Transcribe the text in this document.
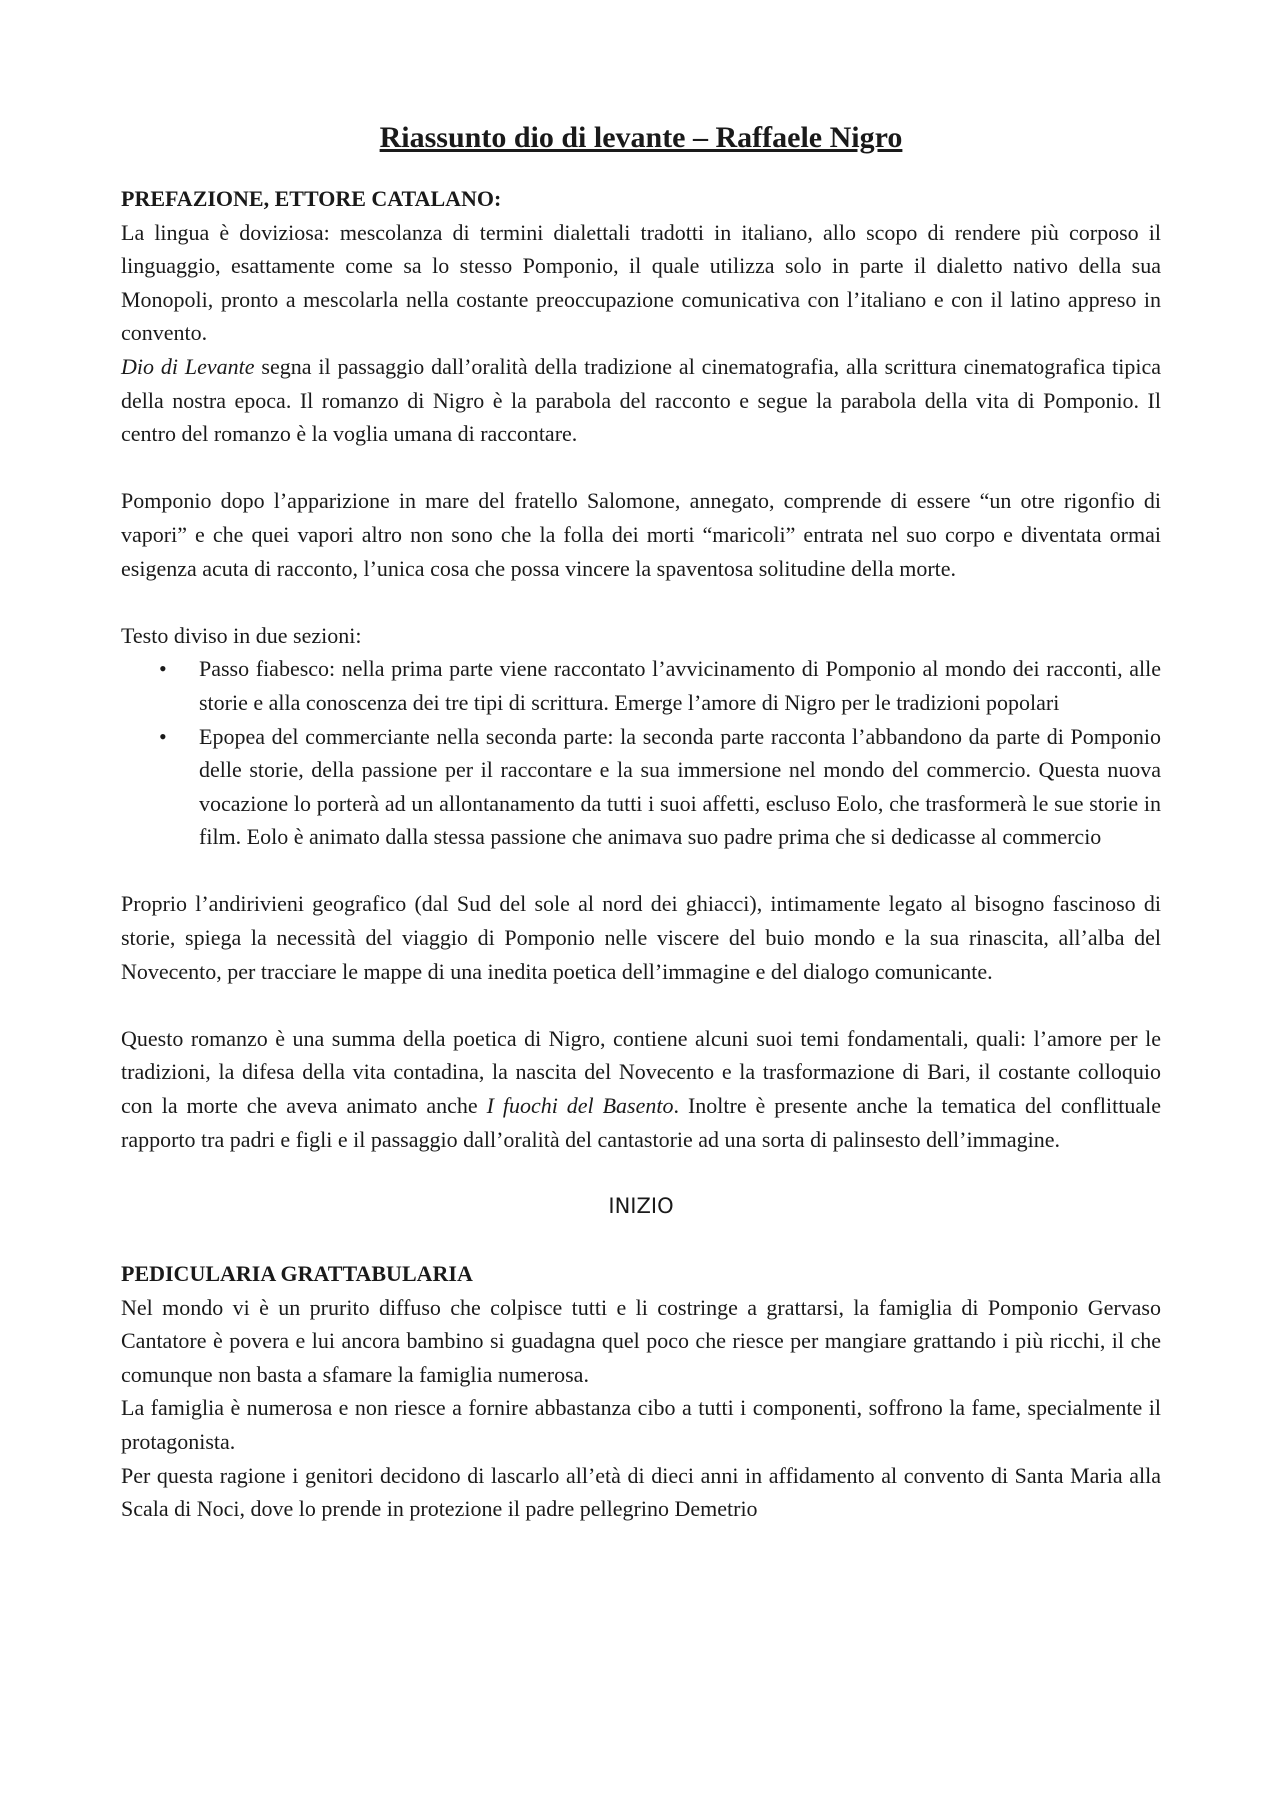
Riassunto dio di levante – Raffaele Nigro
PREFAZIONE, ETTORE CATALANO:

La lingua è doviziosa: mescolanza di termini dialettali tradotti in italiano, allo scopo di rendere più corposo il linguaggio, esattamente come sa lo stesso Pomponio, il quale utilizza solo in parte il dialetto nativo della sua Monopoli, pronto a mescolarla nella costante preoccupazione comunicativa con l’italiano e con il latino appreso in convento.

Dio di Levante segna il passaggio dall’oralità della tradizione al cinematografia, alla scrittura cinematografica tipica della nostra epoca. Il romanzo di Nigro è la parabola del racconto e segue la parabola della vita di Pomponio. Il centro del romanzo è la voglia umana di raccontare.

Pomponio dopo l’apparizione in mare del fratello Salomone, annegato, comprende di essere “un otre rigonfio di vapori” e che quei vapori altro non sono che la folla dei morti “maricoli” entrata nel suo corpo e diventata ormai esigenza acuta di racconto, l’unica cosa che possa vincere la spaventosa solitudine della morte.

Testo diviso in due sezioni:

• Passo fiabesco: nella prima parte viene raccontato l’avvicinamento di Pomponio al mondo dei racconti, alle storie e alla conoscenza dei tre tipi di scrittura. Emerge l’amore di Nigro per le tradizioni popolari
• Epopea del commerciante nella seconda parte: la seconda parte racconta l’abbandono da parte di Pomponio delle storie, della passione per il raccontare e la sua immersione nel mondo del commercio. Questa nuova vocazione lo porterà ad un allontanamento da tutti i suoi affetti, escluso Eolo, che trasformerà le sue storie in film. Eolo è animato dalla stessa passione che animava suo padre prima che si dedicasse al commercio

Proprio l’andirivieni geografico (dal Sud del sole al nord dei ghiacci), intimamente legato al bisogno fascinoso di storie, spiega la necessità del viaggio di Pomponio nelle viscere del buio mondo e la sua rinascita, all’alba del Novecento, per tracciare le mappe di una inedita poetica dell’immagine e del dialogo comunicante.

Questo romanzo è una summa della poetica di Nigro, contiene alcuni suoi temi fondamentali, quali: l’amore per le tradizioni, la difesa della vita contadina, la nascita del Novecento e la trasformazione di Bari, il costante colloquio con la morte che aveva animato anche I fuochi del Basento. Inoltre è presente anche la tematica del conflittuale rapporto tra padri e figli e il passaggio dall’oralità del cantastorie ad una sorta di palinsesto dell’immagine.

INIZIO

PEDICULARIA GRATTABULARIA

Nel mondo vi è un prurito diffuso che colpisce tutti e li costringe a grattarsi, la famiglia di Pomponio Gervaso Cantatore è povera e lui ancora bambino si guadagna quel poco che riesce per mangiare grattando i più ricchi, il che comunque non basta a sfamare la famiglia numerosa.

La famiglia è numerosa e non riesce a fornire abbastanza cibo a tutti i componenti, soffrono la fame, specialmente il protagonista.

Per questa ragione i genitori decidono di lascarlo all’età di dieci anni in affidamento al convento di Santa Maria alla Scala di Noci, dove lo prende in protezione il padre pellegrino Demetrio
